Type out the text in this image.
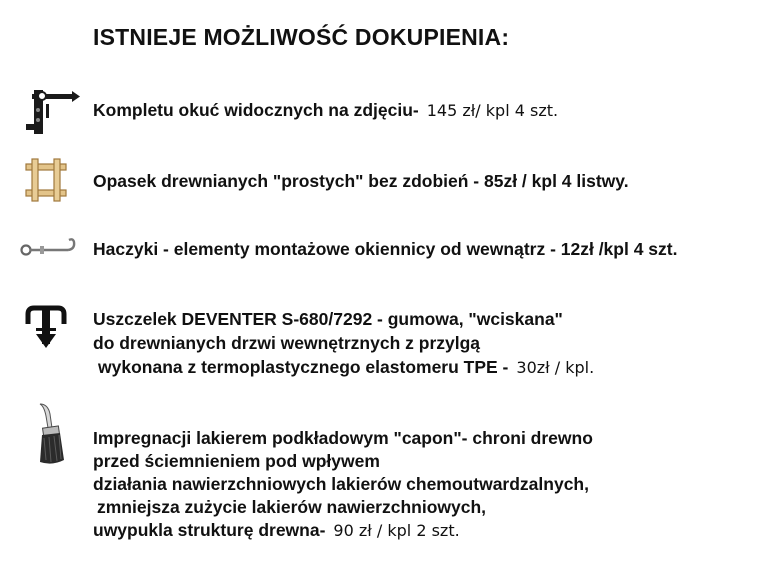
ISTNIEJE MOŻLIWOŚĆ DOKUPIENIA:
Kompletu okuć widocznych na zdjęciu- 145 zł/ kpl 4 szt.
Opasek drewnianych "prostych" bez zdobień - 85zł / kpl 4 listwy.
Haczyki - elementy montażowe okiennicy od wewnątrz - 12zł /kpl 4 szt.
Uszczelek DEVENTER S-680/7292 - gumowa, "wciskana"
do drewnianych drzwi wewnętrznych z przylgą
wykonana z termoplastycznego elastomeru TPE - 30zł / kpl.
Impregnacji lakierem podkładowym "capon"- chroni drewno
przed ściemnieniem pod wpływem
działania nawierzchniowych lakierów chemoutwardzalnych,
zmniejsza zużycie lakierów nawierzchniowych,
uwypukla strukturę drewna- 90 zł / kpl 2 szt.
